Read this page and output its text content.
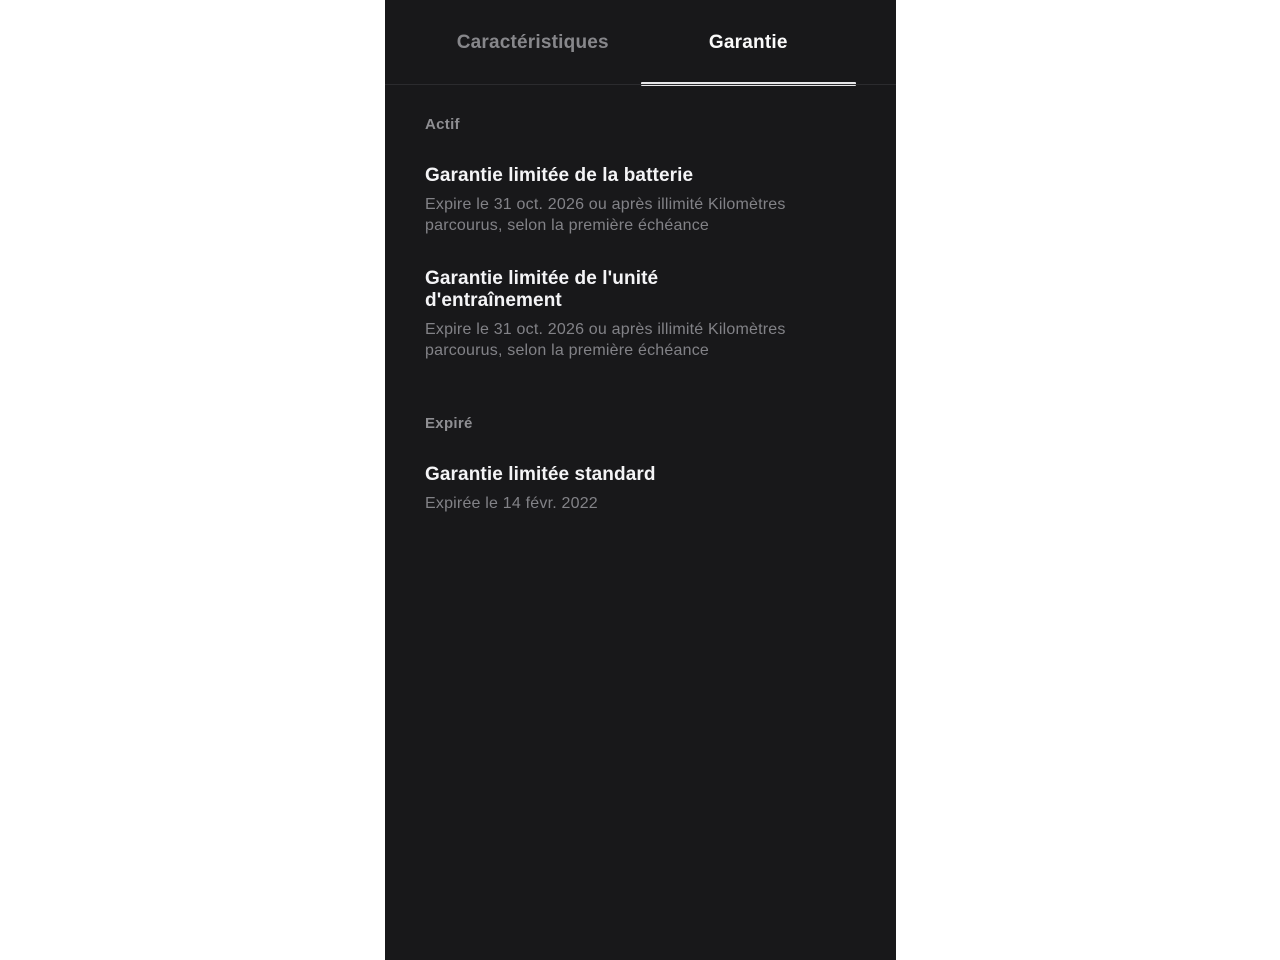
Caractéristiques	Garantie
Actif
Garantie limitée de la batterie
Expire le 31 oct. 2026 ou après illimité Kilomètres parcourus, selon la première échéance
Garantie limitée de l'unité d'entraînement
Expire le 31 oct. 2026 ou après illimité Kilomètres parcourus, selon la première échéance
Expiré
Garantie limitée standard
Expirée le 14 févr. 2022
